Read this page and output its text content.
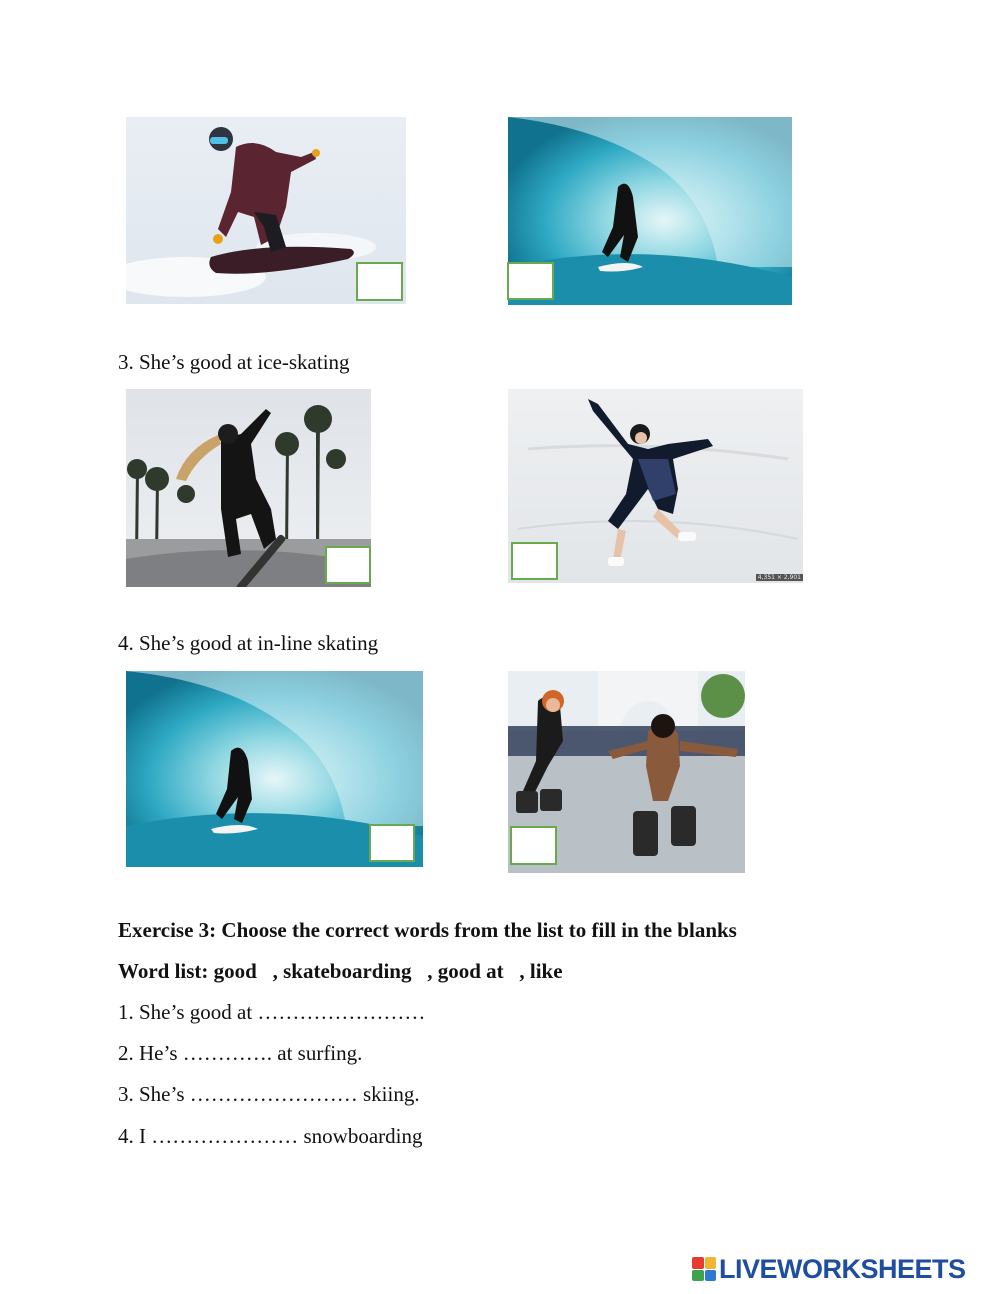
3. She’s good at ice-skating
4,351 × 2,901
4. She’s good at in-line skating
Exercise 3: Choose the correct words from the list to fill in the blanks
Word list: good   , skateboarding   , good at   , like
1. She’s good at ……………………
2. He’s …………. at surfing.
3. She’s …………………… skiing.
4. I ………………… snowboarding
LIVEWORKSHEETS
